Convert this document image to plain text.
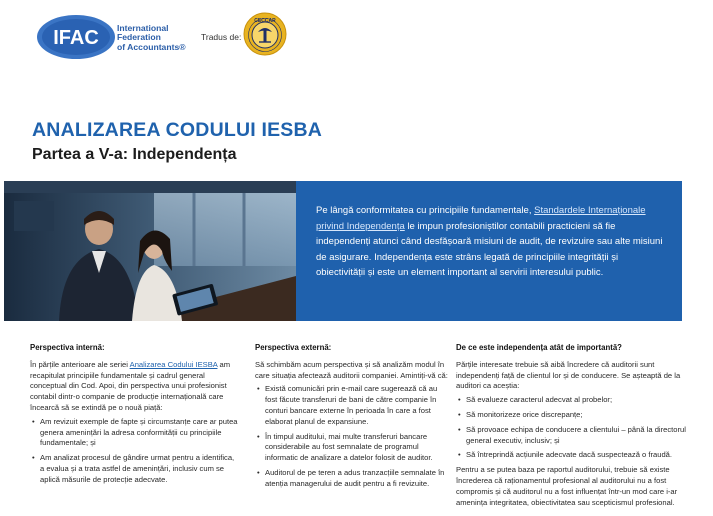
IFAC International
Federation
of Accountants®
Tradus de:
CECCAR
ANALIZAREA CODULUI IESBA
Partea a V-a: Independența

Pe lângă conformitatea cu principiile fundamentale, Standardele Internaționale privind Independența le impun profesioniștilor contabili practicieni să fie independenți atunci când desfășoară misiuni de audit, de revizuire sau alte misiuni de asigurare. Independența este strâns legată de principiile integrității și obiectivității și este un element important al servirii interesului public.

Perspectiva internă:

În părțile anterioare ale seriei Analizarea Codului IESBA am recapitulat principiile fundamentale și cadrul general conceptual din Cod. Apoi, din perspectiva unui profesionist contabil dintr-o companie de producție internațională care încearcă să se extindă pe o nouă piață:

• Am revizuit exemple de fapte și circumstanțe care ar putea genera amenințări la adresa conformității cu principiile fundamentale; și
• Am analizat procesul de gândire urmat pentru a identifica, a evalua și a trata astfel de amenințări, inclusiv cum se aplică măsurile de protecție adecvate.
Perspectiva externă:

Să schimbăm acum perspectiva și să analizăm modul în care situația afectează auditorii companiei. Amintiți-vă că:

• Există comunicări prin e-mail care sugerează că au fost făcute transferuri de bani de către companie în conturi bancare externe în perioada în care a fost elaborat planul de expansiune.
• În timpul auditului, mai multe transferuri bancare considerabile au fost semnalate de programul informatic de analizare a datelor folosit de auditor.
• Auditorul de pe teren a adus tranzacțiile semnalate în atenția managerului de audit pentru a fi revizuite.
De ce este independența atât de importantă?

Părțile interesate trebuie să aibă încredere că auditorii sunt independenți față de clientul lor și de conducere. Se așteaptă de la auditori ca aceștia:

• Să evalueze caracterul adecvat al probelor;
• Să monitorizeze orice discrepanțe;
• Să provoace echipa de conducere a clientului – până la directorul general executiv, inclusiv; și
• Să întreprindă acțiunile adecvate dacă suspectează o fraudă.

Pentru a se putea baza pe raportul auditorului, trebuie să existe încrederea că raționamentul profesional al auditorului nu a fost compromis și că auditorul nu a fost influențat într-un mod care i-ar amenința integritatea, obiectivitatea sau scepticismul profesional.
